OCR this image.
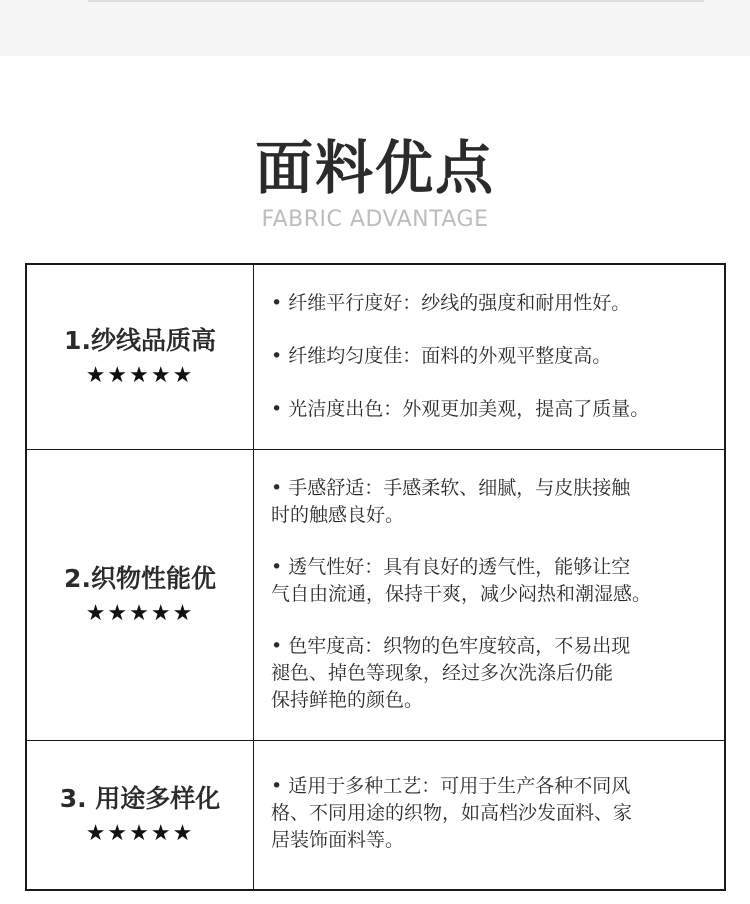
面料优点
FABRIC ADVANTAGE
1.纱线品质高
★★★★★
• 纤维平行度好：纱线的强度和耐用性好。
• 纤维均匀度佳：面料的外观平整度高。
• 光洁度出色：外观更加美观，提高了质量。
2.织物性能优
★★★★★
• 手感舒适：手感柔软、细腻，与皮肤接触
时的触感良好。
• 透气性好：具有良好的透气性，能够让空
气自由流通，保持干爽，减少闷热和潮湿感。
• 色牢度高：织物的色牢度较高，不易出现
褪色、掉色等现象，经过多次洗涤后仍能
保持鲜艳的颜色。
3. 用途多样化
★★★★★
• 适用于多种工艺：可用于生产各种不同风
格、不同用途的织物，如高档沙发面料、家
居装饰面料等。
